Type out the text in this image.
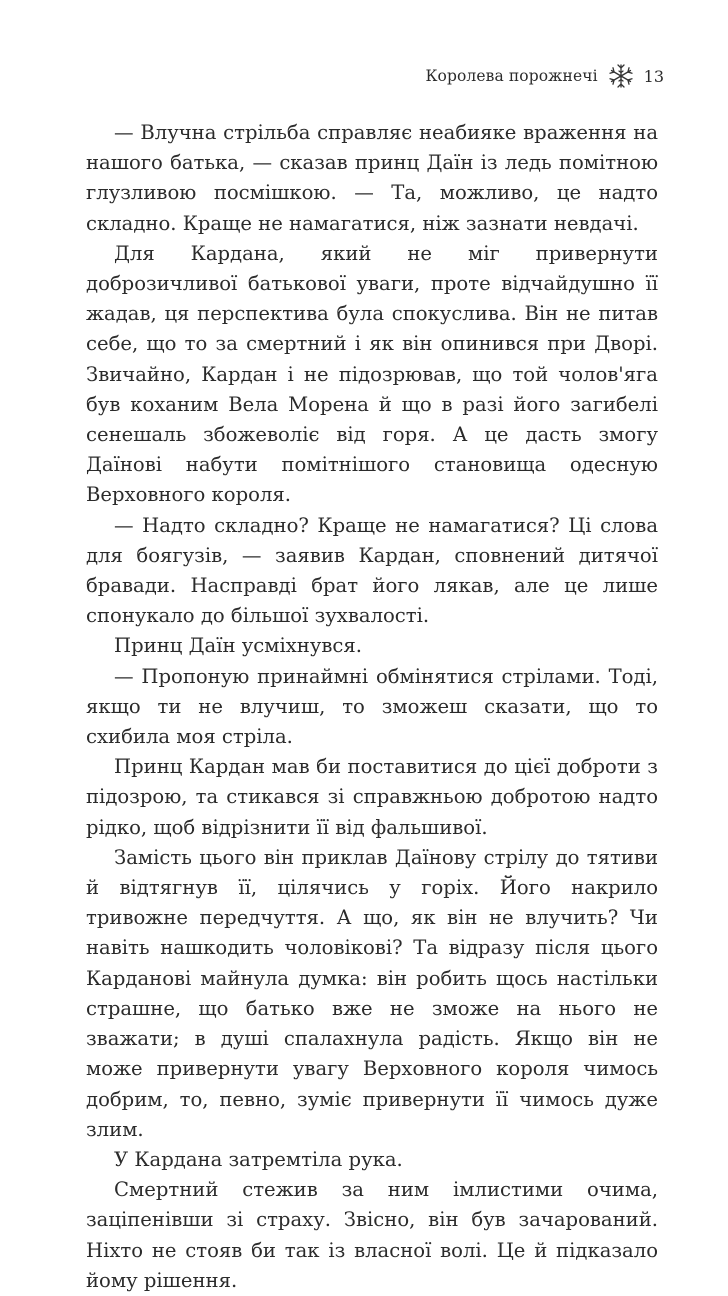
Королева порожнечі	13

— Влучна стрільба справляє неабияке враження на нашого батька, — сказав принц Даїн із ледь помітною глузливою посмішкою. — Та, можливо, це надто складно. Краще не намагатися, ніж зазнати невдачі.

Для Кардана, який не міг привернути доброзичливої батькової уваги, проте відчайдушно її жадав, ця перспектива була спокуслива. Він не питав себе, що то за смертний і як він опинився при Дворі. Звичайно, Кардан і не підозрював, що той чолов'яга був коханим Вела Морена й що в разі його загибелі сенешаль збожеволіє від горя. А це дасть змогу Даїнові набути помітнішого становища одесную Верховного короля.

— Надто складно? Краще не намагатися? Ці слова для боягузів, — заявив Кардан, сповнений дитячої бравади. Насправді брат його лякав, але це лише спонукало до більшої зухвалості.

Принц Даїн усміхнувся.

— Пропоную принаймні обмінятися стрілами. Тоді, якщо ти не влучиш, то зможеш сказати, що то схибила моя стріла.

Принц Кардан мав би поставитися до цієї доброти з підозрою, та стикався зі справжньою добротою надто рідко, щоб відрізнити її від фальшивої.

Замість цього він приклав Даїнову стрілу до тятиви й відтягнув її, цілячись у горіх. Його накрило тривожне передчуття. А що, як він не влучить? Чи навіть нашкодить чоловікові? Та відразу після цього Карданові майнула думка: він робить щось настільки страшне, що батько вже не зможе на нього не зважати; в душі спалахнула радість. Якщо він не може привернути увагу Верховного короля чимось добрим, то, певно, зуміє привернути її чимось дуже злим.

У Кардана затремтіла рука.

Смертний стежив за ним імлистими очима, заціпенівши зі страху. Звісно, він був зачарований. Ніхто не стояв би так із власної волі. Це й підказало йому рішення.
